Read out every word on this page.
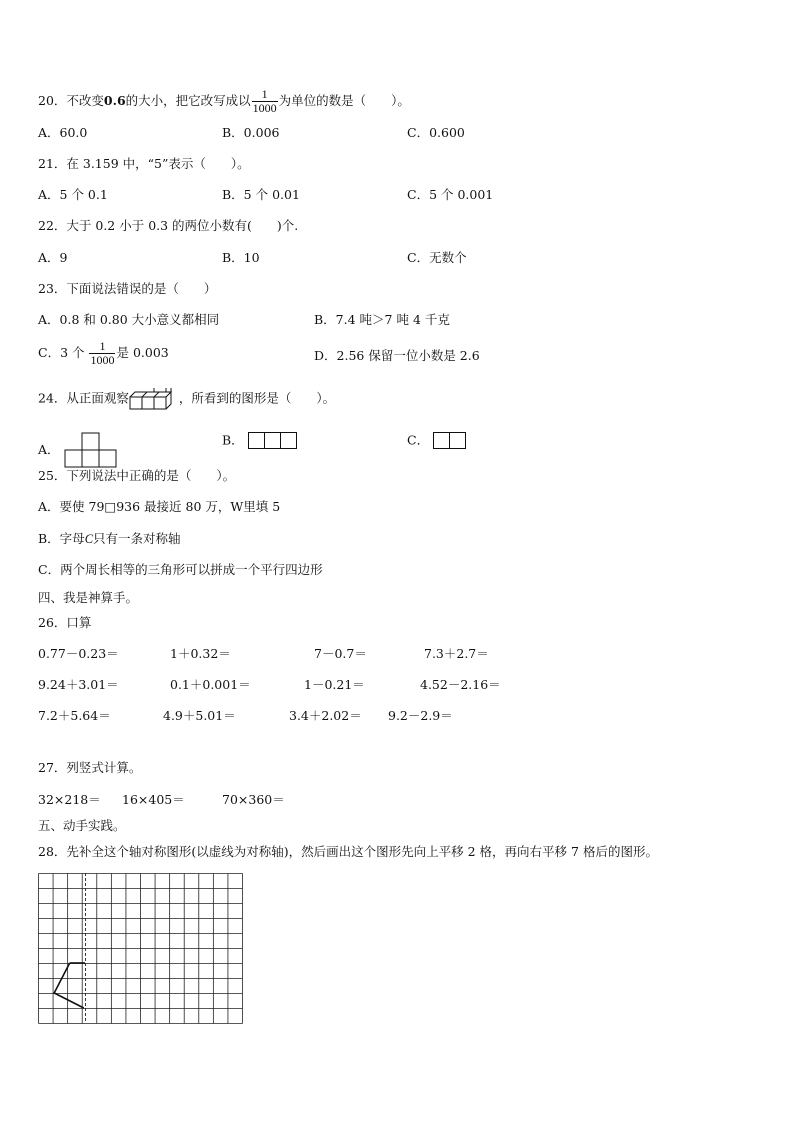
20．不改变0.6的大小，把它改写成以 $\frac{1}{1000}$ 为单位的数是（　　）。
A．60.0	B．0.006	C．0.600
21．在 3.159 中，“5”表示（　　）。
A．5 个 0.1	B．5 个 0.01	C．5 个 0.001
22．大于 0.2 小于 0.3 的两位小数有(　　)个.
A．9	B．10	C．无数个
23．下面说法错误的是（　　）
A．0.8 和 0.80 大小意义都相同	B．7.4 吨＞7 吨 4 千克
C．3 个 $\frac{1}{1000}$ 是 0.003	D．2.56 保留一位小数是 2.6
24．从正面观察	，所看到的图形是（　　）。
A．
B．	C．
25．下列说法中正确的是（　　）。
A．要使 79□936 最接近 80 万，W里填 5
B．字母C只有一条对称轴
C．两个周长相等的三角形可以拼成一个平行四边形
四、我是神算手。
26．口算
0.77－0.23＝	1＋0.32＝	7－0.7＝	7.3＋2.7＝
9.24＋3.01＝	0.1＋0.001＝	1－0.21＝	4.52－2.16＝
7.2＋5.64＝	4.9＋5.01＝	3.4＋2.02＝ 9.2－2.9＝
27．列竖式计算。
32×218＝ 16×405＝	70×360＝
五、动手实践。
28．先补全这个轴对称图形(以虚线为对称轴)，然后画出这个图形先向上平移 2 格，再向右平移 7 格后的图形。
